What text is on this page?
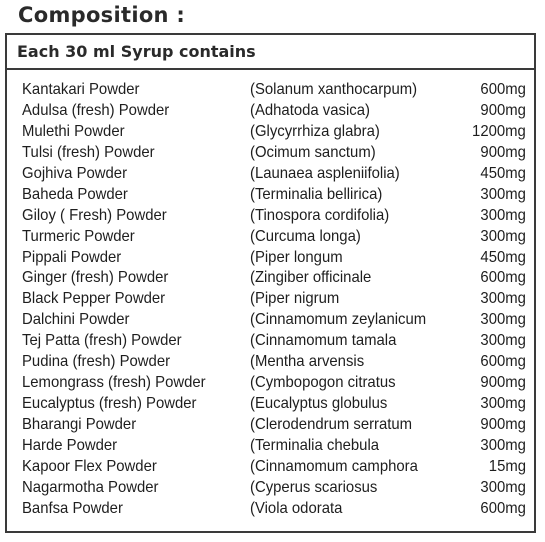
Composition :
Each 30 ml Syrup contains
Kantakari Powder	(Solanum xanthocarpum)	600mg
Adulsa (fresh) Powder	(Adhatoda vasica)	900mg
Mulethi Powder	(Glycyrrhiza glabra)	1200mg
Tulsi (fresh) Powder	(Ocimum sanctum)	900mg
Gojhiva Powder	(Launaea aspleniifolia)	450mg
Baheda Powder	(Terminalia bellirica)	300mg
Giloy ( Fresh) Powder	(Tinospora cordifolia)	300mg
Turmeric Powder	(Curcuma longa)	300mg
Pippali Powder	(Piper longum	450mg
Ginger (fresh) Powder	(Zingiber officinale	600mg
Black Pepper Powder	(Piper nigrum	300mg
Dalchini Powder	(Cinnamomum zeylanicum	300mg
Tej Patta (fresh) Powder	(Cinnamomum tamala	300mg
Pudina (fresh) Powder	(Mentha arvensis	600mg
Lemongrass (fresh) Powder	(Cymbopogon citratus	900mg
Eucalyptus (fresh) Powder	(Eucalyptus globulus	300mg
Bharangi Powder	(Clerodendrum serratum	900mg
Harde Powder	(Terminalia chebula	300mg
Kapoor Flex Powder	(Cinnamomum camphora	15mg
Nagarmotha Powder	(Cyperus scariosus	300mg
Banfsa Powder	(Viola odorata	600mg
